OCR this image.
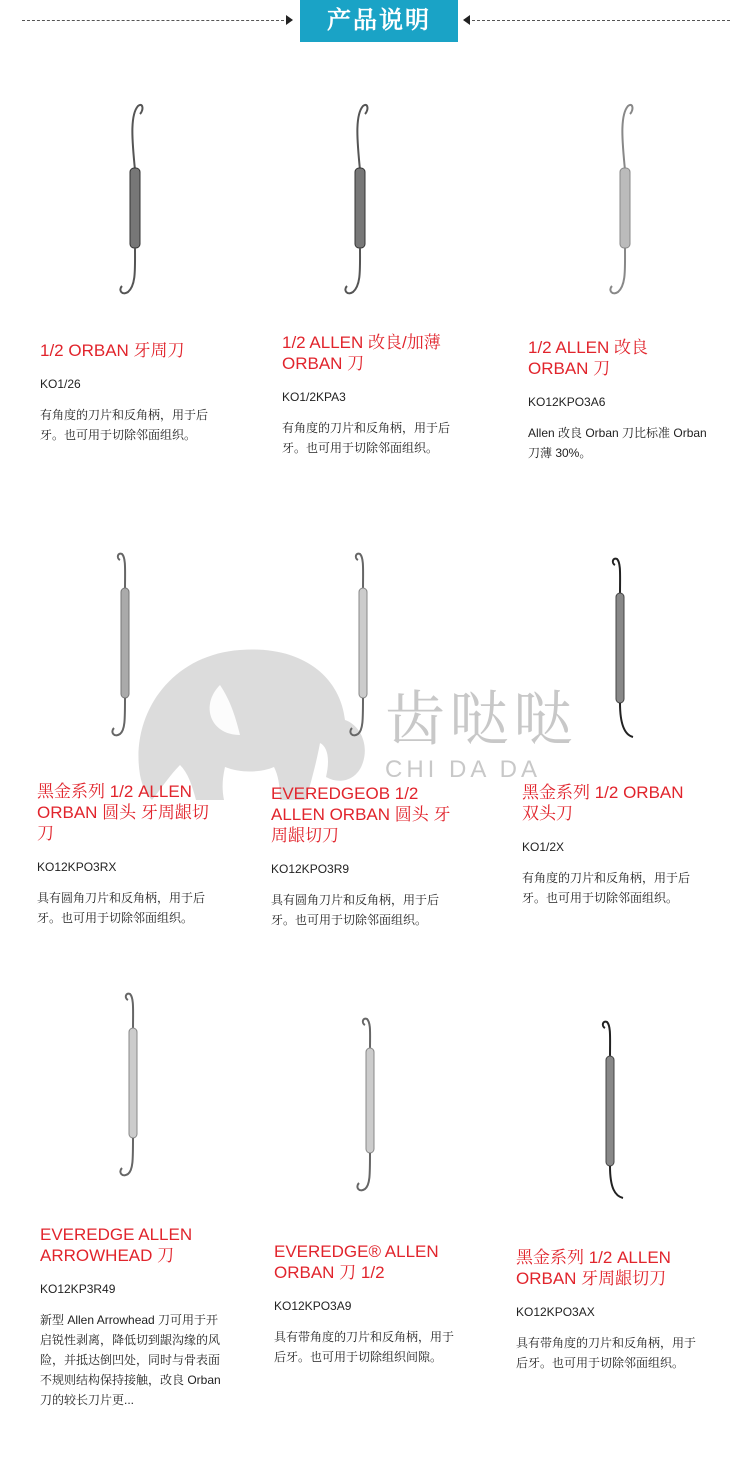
产品说明
齿哒哒
CHI DA DA
1/2 ORBAN 牙周刀
KO1/26
有角度的刀片和反角柄，用于后牙。也可用于切除邻面组织。
1/2 ALLEN 改良/加薄 ORBAN 刀
KO1/2KPA3
有角度的刀片和反角柄，用于后牙。也可用于切除邻面组织。
1/2 ALLEN 改良 ORBAN 刀
KO12KPO3A6
Allen 改良 Orban 刀比标准 Orban 刀薄 30%。
黑金系列 1/2 ALLEN ORBAN 圆头 牙周龈切刀
KO12KPO3RX
具有圆角刀片和反角柄，用于后牙。也可用于切除邻面组织。
EVEREDGEOB 1/2 ALLEN ORBAN 圆头 牙周龈切刀
KO12KPO3R9
具有圆角刀片和反角柄，用于后牙。也可用于切除邻面组织。
黑金系列 1/2 ORBAN 双头刀
KO1/2X
有角度的刀片和反角柄，用于后牙。也可用于切除邻面组织。
EVEREDGE ALLEN ARROWHEAD 刀
KO12KP3R49
新型 Allen Arrowhead 刀可用于开启锐性剥离，降低切到龈沟缘的风险，并抵达倒凹处，同时与骨表面不规则结构保持接触，改良 Orban 刀的较长刀片更...
EVEREDGE® ALLEN ORBAN 刀 1/2
KO12KPO3A9
具有带角度的刀片和反角柄，用于后牙。也可用于切除组织间隙。
黑金系列 1/2 ALLEN ORBAN 牙周龈切刀
KO12KPO3AX
具有带角度的刀片和反角柄，用于后牙。也可用于切除邻面组织。
